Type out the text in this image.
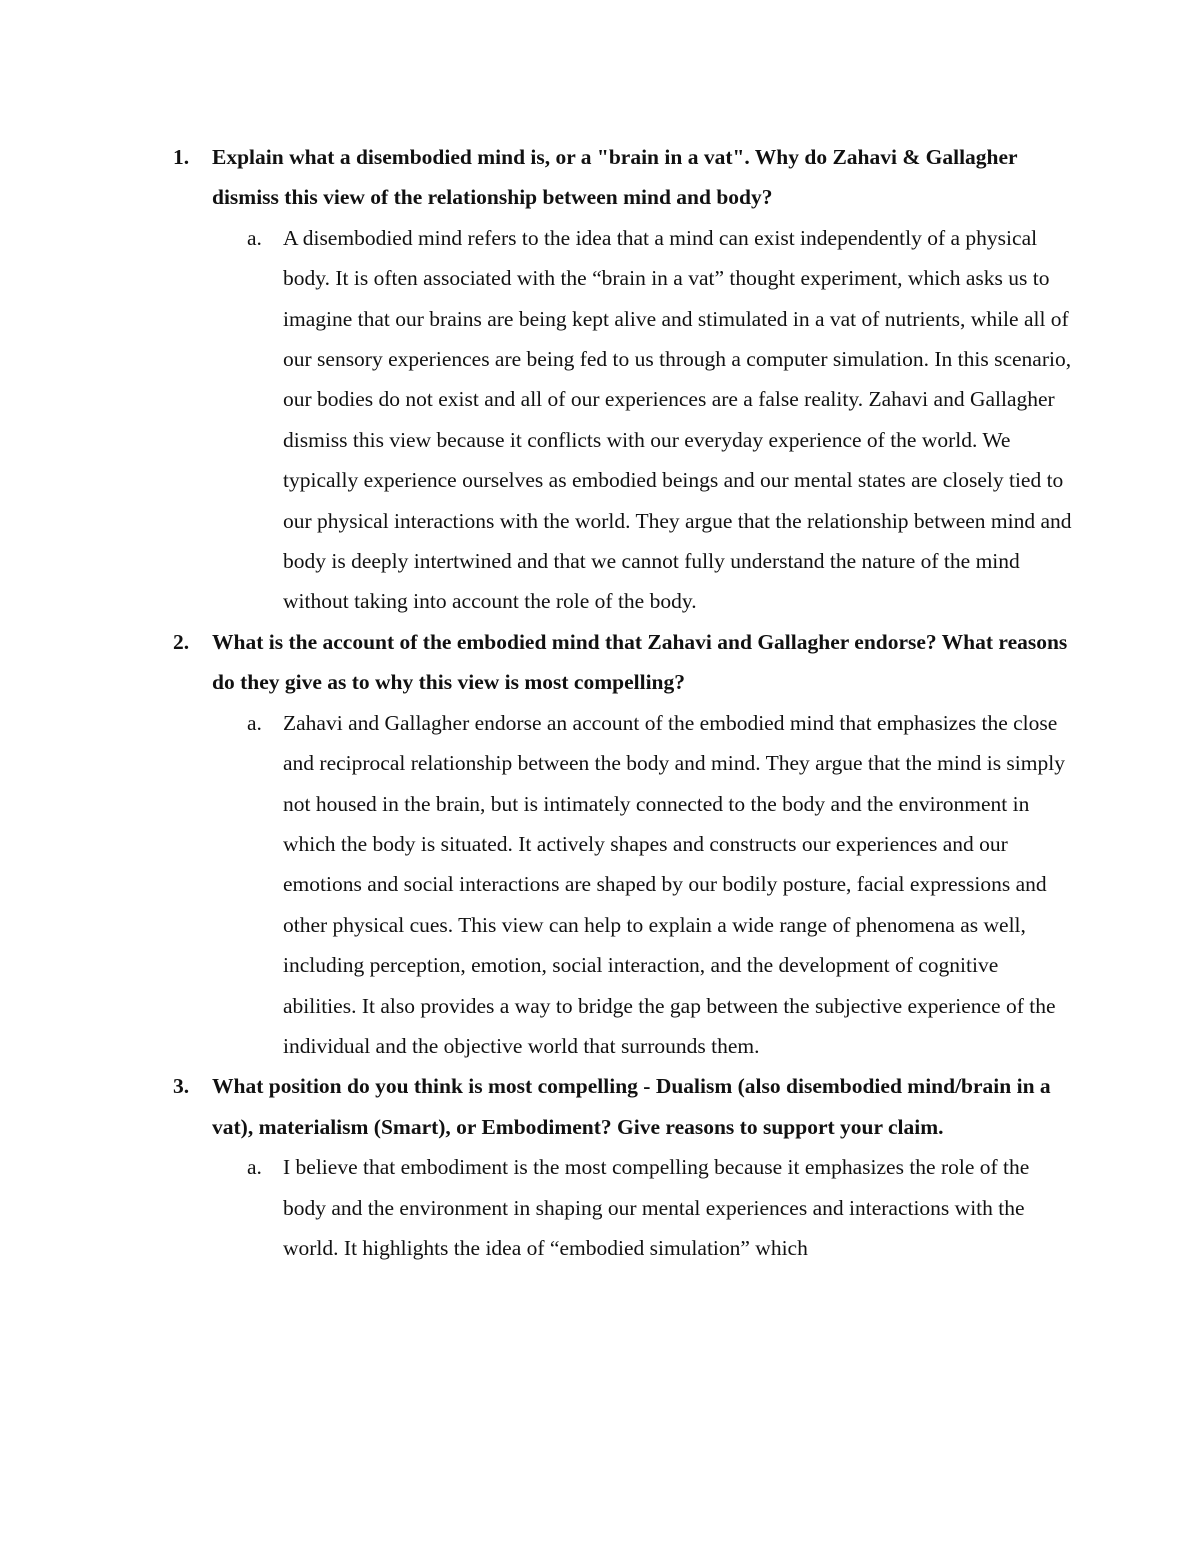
1. Explain what a disembodied mind is, or a "brain in a vat". Why do Zahavi & Gallagher dismiss this view of the relationship between mind and body?
a. A disembodied mind refers to the idea that a mind can exist independently of a physical body. It is often associated with the “brain in a vat” thought experiment, which asks us to imagine that our brains are being kept alive and stimulated in a vat of nutrients, while all of our sensory experiences are being fed to us through a computer simulation. In this scenario, our bodies do not exist and all of our experiences are a false reality. Zahavi and Gallagher dismiss this view because it conflicts with our everyday experience of the world. We typically experience ourselves as embodied beings and our mental states are closely tied to our physical interactions with the world. They argue that the relationship between mind and body is deeply intertwined and that we cannot fully understand the nature of the mind without taking into account the role of the body.
2. What is the account of the embodied mind that Zahavi and Gallagher endorse? What reasons do they give as to why this view is most compelling?
a. Zahavi and Gallagher endorse an account of the embodied mind that emphasizes the close and reciprocal relationship between the body and mind. They argue that the mind is simply not housed in the brain, but is intimately connected to the body and the environment in which the body is situated. It actively shapes and constructs our experiences and our emotions and social interactions are shaped by our bodily posture, facial expressions and other physical cues. This view can help to explain a wide range of phenomena as well, including perception, emotion, social interaction, and the development of cognitive abilities. It also provides a way to bridge the gap between the subjective experience of the individual and the objective world that surrounds them.
3. What position do you think is most compelling - Dualism (also disembodied mind/brain in a vat), materialism (Smart), or Embodiment? Give reasons to support your claim.
a. I believe that embodiment is the most compelling because it emphasizes the role of the body and the environment in shaping our mental experiences and interactions with the world. It highlights the idea of “embodied simulation” which
